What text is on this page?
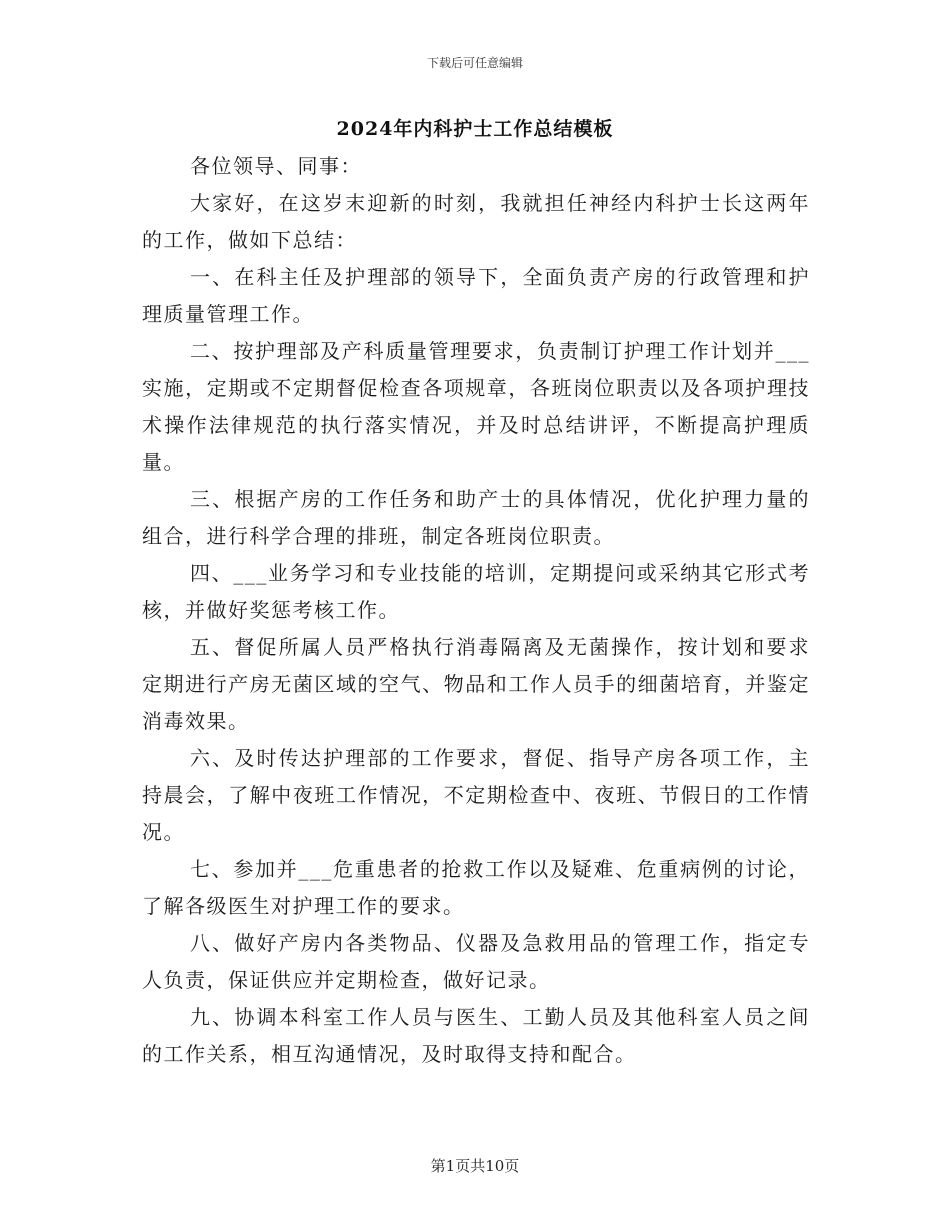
下载后可任意编辑
2024年内科护士工作总结模板

各位领导、同事：

大家好，在这岁末迎新的时刻，我就担任神经内科护士长这两年的工作，做如下总结：

一、在科主任及护理部的领导下，全面负责产房的行政管理和护理质量管理工作。

二、按护理部及产科质量管理要求，负责制订护理工作计划并___实施，定期或不定期督促检查各项规章，各班岗位职责以及各项护理技术操作法律规范的执行落实情况，并及时总结讲评，不断提高护理质量。

三、根据产房的工作任务和助产士的具体情况，优化护理力量的组合，进行科学合理的排班，制定各班岗位职责。

四、___业务学习和专业技能的培训，定期提问或采纳其它形式考核，并做好奖惩考核工作。

五、督促所属人员严格执行消毒隔离及无菌操作，按计划和要求定期进行产房无菌区域的空气、物品和工作人员手的细菌培育，并鉴定消毒效果。

六、及时传达护理部的工作要求，督促、指导产房各项工作，主持晨会，了解中夜班工作情况，不定期检查中、夜班、节假日的工作情况。

七、参加并___危重患者的抢救工作以及疑难、危重病例的讨论，了解各级医生对护理工作的要求。

八、做好产房内各类物品、仪器及急救用品的管理工作，指定专人负责，保证供应并定期检查，做好记录。

九、协调本科室工作人员与医生、工勤人员及其他科室人员之间的工作关系，相互沟通情况，及时取得支持和配合。

第1页共10页
